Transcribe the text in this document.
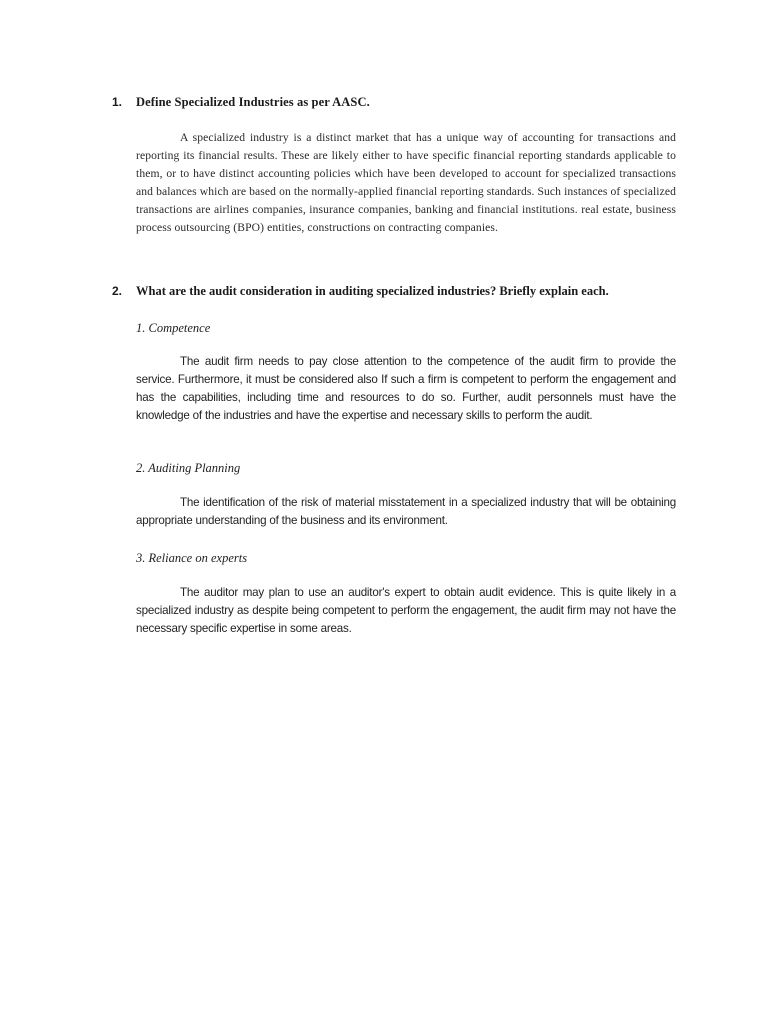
1. Define Specialized Industries as per AASC.

A specialized industry is a distinct market that has a unique way of accounting for transactions and reporting its financial results. These are likely either to have specific financial reporting standards applicable to them, or to have distinct accounting policies which have been developed to account for specialized transactions and balances which are based on the normally-applied financial reporting standards. Such instances of specialized transactions are airlines companies, insurance companies, banking and financial institutions. real estate, business process outsourcing (BPO) entities, constructions on contracting companies.

2. What are the audit consideration in auditing specialized industries? Briefly explain each.
1. Competence

The audit firm needs to pay close attention to the competence of the audit firm to provide the service. Furthermore, it must be considered also If such a firm is competent to perform the engagement and has the capabilities, including time and resources to do so. Further, audit personnels must have the knowledge of the industries and have the expertise and necessary skills to perform the audit.

2. Auditing Planning

The identification of the risk of material misstatement in a specialized industry that will be obtaining appropriate understanding of the business and its environment.

3. Reliance on experts

The auditor may plan to use an auditor's expert to obtain audit evidence. This is quite likely in a specialized industry as despite being competent to perform the engagement, the audit firm may not have the necessary specific expertise in some areas.
